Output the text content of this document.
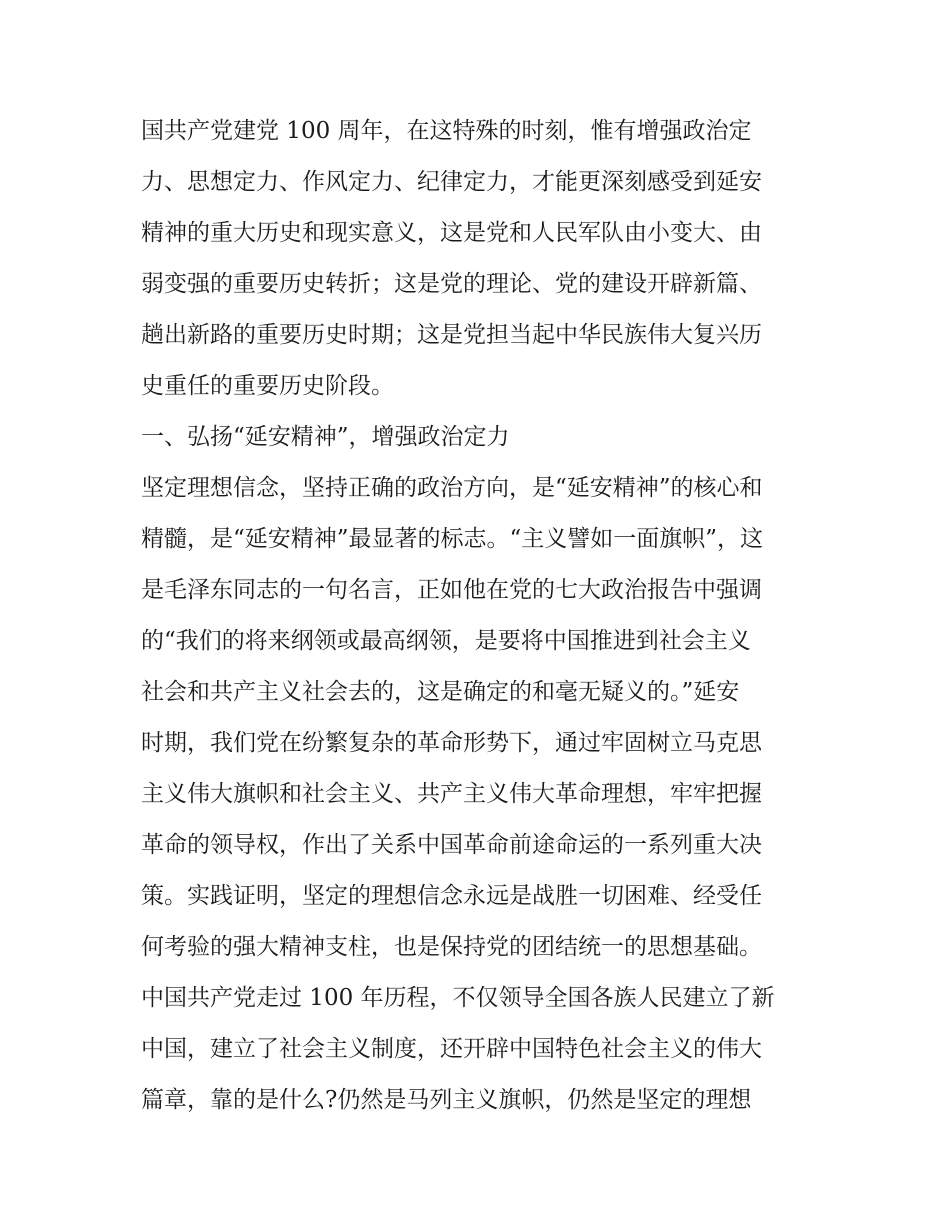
国共产党建党 100 周年，在这特殊的时刻，惟有增强政治定
力、思想定力、作风定力、纪律定力，才能更深刻感受到延安
精神的重大历史和现实意义，这是党和人民军队由小变大、由
弱变强的重要历史转折；这是党的理论、党的建设开辟新篇、
趟出新路的重要历史时期；这是党担当起中华民族伟大复兴历
史重任的重要历史阶段。
一、弘扬“延安精神”，增强政治定力
坚定理想信念，坚持正确的政治方向，是“延安精神”的核心和
精髓，是“延安精神”最显著的标志。“主义譬如一面旗帜”，这
是毛泽东同志的一句名言，正如他在党的七大政治报告中强调
的“我们的将来纲领或最高纲领，是要将中国推进到社会主义
社会和共产主义社会去的，这是确定的和毫无疑义的。”延安
时期，我们党在纷繁复杂的革命形势下，通过牢固树立马克思
主义伟大旗帜和社会主义、共产主义伟大革命理想，牢牢把握
革命的领导权，作出了关系中国革命前途命运的一系列重大决
策。实践证明，坚定的理想信念永远是战胜一切困难、经受任
何考验的强大精神支柱，也是保持党的团结统一的思想基础。
中国共产党走过 100 年历程，不仅领导全国各族人民建立了新
中国，建立了社会主义制度，还开辟中国特色社会主义的伟大
篇章，靠的是什么?仍然是马列主义旗帜，仍然是坚定的理想
